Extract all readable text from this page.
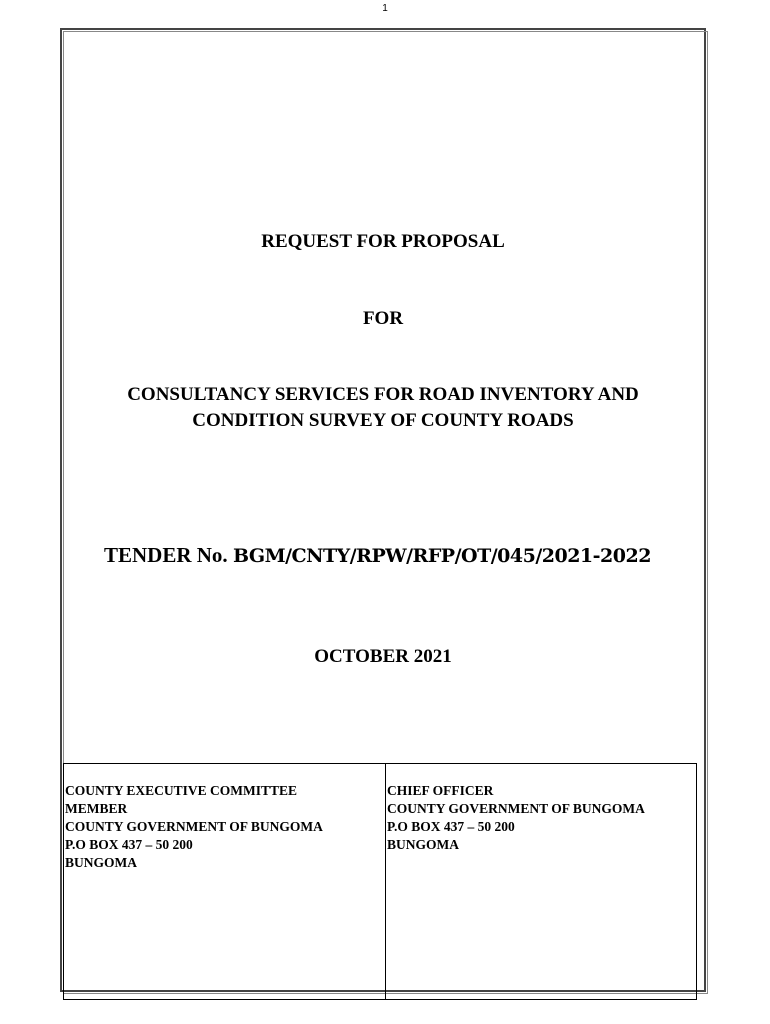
1
REQUEST FOR PROPOSAL
FOR
CONSULTANCY SERVICES FOR ROAD INVENTORY AND
CONDITION SURVEY OF COUNTY ROADS
TENDER No. BGM/CNTY/RPW/RFP/OT/045/2021-2022
OCTOBER 2021
COUNTY EXECUTIVE COMMITTEE
MEMBER
COUNTY GOVERNMENT OF BUNGOMA
P.O BOX 437 – 50 200
BUNGOMA
CHIEF OFFICER
COUNTY GOVERNMENT OF BUNGOMA
P.O BOX 437 – 50 200
BUNGOMA
